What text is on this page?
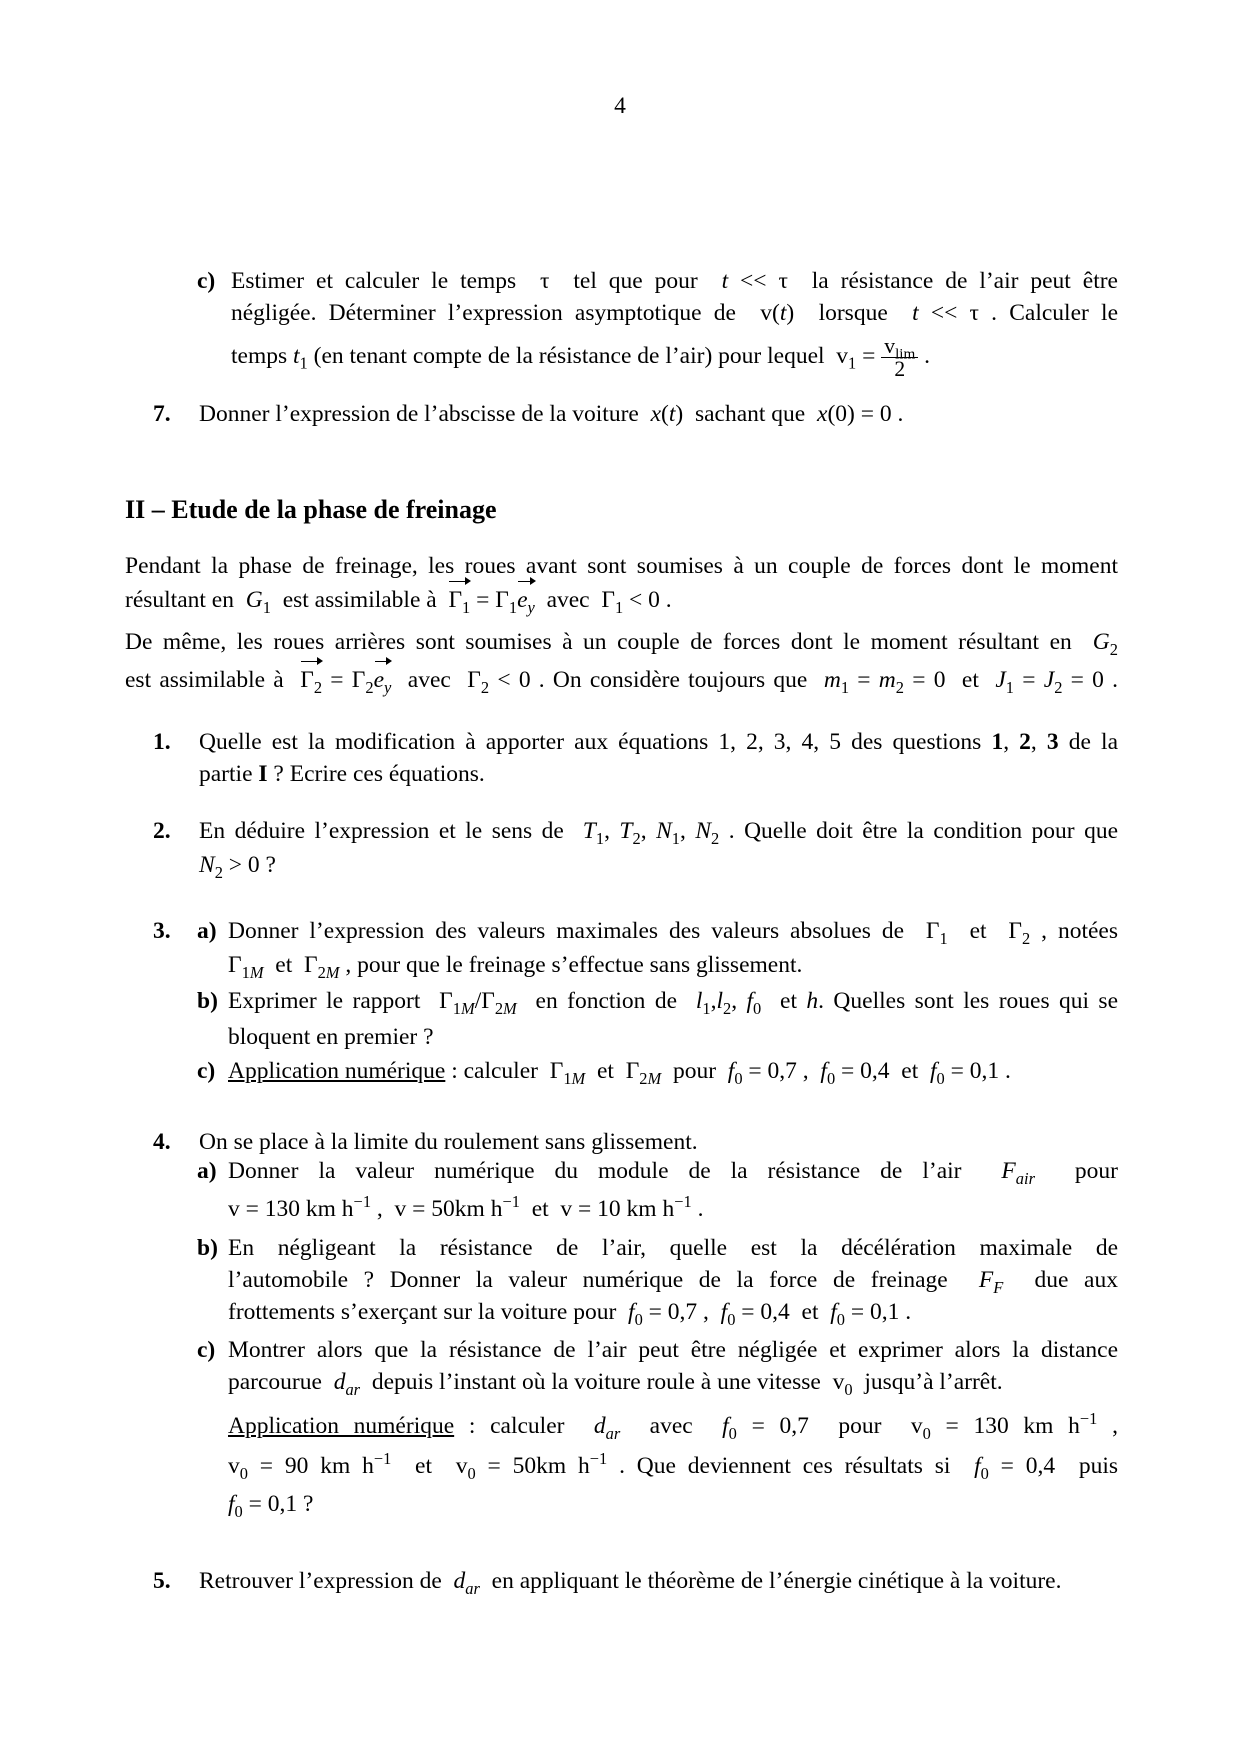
4
c) Estimer et calculer le temps  τ  tel que pour  t << τ  la résistance de l’air peut être
négligée. Déterminer l’expression asymptotique de  v(t)  lorsque  t << τ . Calculer le
temps $t_1$ (en tenant compte de la résistance de l’air) pour lequel  $v_1 = \frac{v_{lim}}{2}$ .
7. Donner l’expression de l’abscisse de la voiture  x(t)  sachant que  x(0) = 0 .
II – Etude de la phase de freinage
Pendant la phase de freinage, les roues avant sont soumises à un couple de forces dont le moment
résultant en  $G_1$  est assimilable à  $\Gamma_1 = \Gamma_1e_y$  avec  $\Gamma_1 < 0$ .
De même, les roues arrières sont soumises à un couple de forces dont le moment résultant en  $G_2$
est assimilable à  $\Gamma_2 = \Gamma_2e_y$  avec  $\Gamma_2 < 0$ . On considère toujours que  $m_1 = m_2 = 0$  et  $J_1 = J_2 = 0$ .
1. Quelle est la modification à apporter aux équations 1, 2, 3, 4, 5 des questions 1, 2, 3 de la
partie I ? Ecrire ces équations.
2. En déduire l’expression et le sens de  $T_1$, $T_2$, $N_1$, $N_2$ . Quelle doit être la condition pour que
$N_2 > 0$ ?
3. a) Donner l’expression des valeurs maximales des valeurs absolues de  $\Gamma_1$  et  $\Gamma_2$ , notées
$\Gamma_{1M}$  et  $\Gamma_{2M}$ , pour que le freinage s’effectue sans glissement.
b) Exprimer le rapport  $\Gamma_{1M}/\Gamma_{2M}$  en fonction de  $l_1,l_2$, $f_0$  et h. Quelles sont les roues qui se
bloquent en premier ?
c) Application numérique : calculer  $\Gamma_{1M}$  et  $\Gamma_{2M}$  pour  $f_0 = 0,7$ ,  $f_0 = 0,4$  et  $f_0 = 0,1$ .
4. On se place à la limite du roulement sans glissement.
a) Donner la valeur numérique du module de la résistance de l’air  $F_{air}$  pour
v = 130 km $h^{-1}$ ,  v = 50km $h^{-1}$  et  v = 10 km $h^{-1}$ .
b) En négligeant la résistance de l’air, quelle est la décélération maximale de
l’automobile ? Donner la valeur numérique de la force de freinage  $F_F$  due aux
frottements s’exerçant sur la voiture pour  $f_0 = 0,7$ ,  $f_0 = 0,4$  et  $f_0 = 0,1$ .
c) Montrer alors que la résistance de l’air peut être négligée et exprimer alors la distance
parcourue  $d_{ar}$  depuis l’instant où la voiture roule à une vitesse  $v_0$  jusqu’à l’arrêt.
Application numérique : calculer  $d_{ar}$  avec  $f_0 = 0,7$  pour  $v_0 = 130$ km $h^{-1}$ ,
$v_0 = 90$ km $h^{-1}$  et  $v_0 = 50km$ $h^{-1}$ . Que deviennent ces résultats si  $f_0 = 0,4$  puis
$f_0 = 0,1$ ?
5. Retrouver l’expression de  $d_{ar}$  en appliquant le théorème de l’énergie cinétique à la voiture.
